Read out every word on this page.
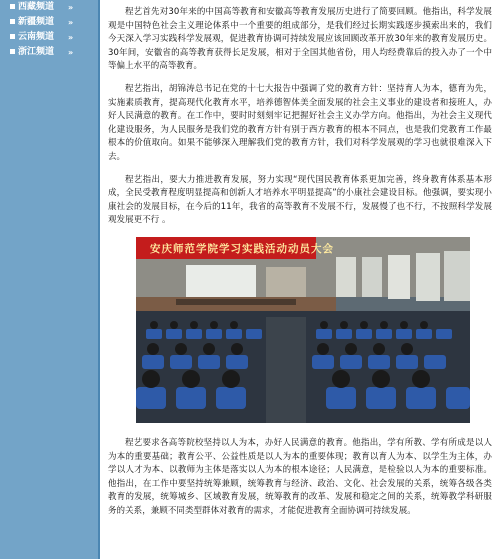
西藏频道 »
新疆频道 »
云南频道 »
浙江频道 »

程艺首先对30年来的中国高等教育和安徽高等教育发展历史进行了简要回顾。他指出，科学发展观是中国特色社会主义理论体系中一个重要的组成部分，是我们经过长期实践逐步摸索出来的，我们今天深入学习实践科学发展观，促进教育协调可持续发展应该回顾改革开放30年来的教育发展历史。30年间，安徽省的高等教育获得长足发展，相对于全国其他省份，用人均经费靠后的投入办了一个中等偏上水平的高等教育。

程艺指出，胡锦涛总书记在党的十七大报告中强调了党的教育方针：坚持育人为本，德育为先，实施素质教育，提高现代化教育水平，培养德智体美全面发展的社会主义事业的建设者和接班人，办好人民满意的教育。在工作中，要时时刻刻牢记把握好社会主义办学方向。他指出，为社会主义现代化建设服务，为人民服务是我们党的教育方针有别于西方教育的根本不同点，也是我们党教育工作最根本的价值取向。如果不能够深入理解我们党的教育方针，我们对科学发展观的学习也就很难深入下去。

程艺指出，要大力推进教育发展，努力实现“现代国民教育体系更加完善，终身教育体系基本形成，全民受教育程度明显提高和创新人才培养水平明显提高”的小康社会建设目标。他强调，要实现小康社会的发展目标，在今后的11年，我省的高等教育不发展不行，发展慢了也不行，不按照科学发展观发展更不行 。

安庆师范学院学习实践活动动员大会

程艺要求各高等院校坚持以人为本，办好人民满意的教育。他指出，学有所教、学有所成是以人为本的重要基础；教育公平、公益性质是以人为本的重要体现；教育以育人为本、以学生为主体，办学以人才为本、以教师为主体是落实以人为本的根本途径；人民满意，是检验以人为本的重要标准。他指出，在工作中要坚持统筹兼顾，统筹教育与经济、政治、文化、社会发展的关系，统筹各级各类教育的发展，统筹城乡、区域教育发展，统筹教育的改革、发展和稳定之间的关系，统筹教学科研服务的关系，兼顾不同类型群体对教育的需求，才能促进教育全面协调可持续发展。
